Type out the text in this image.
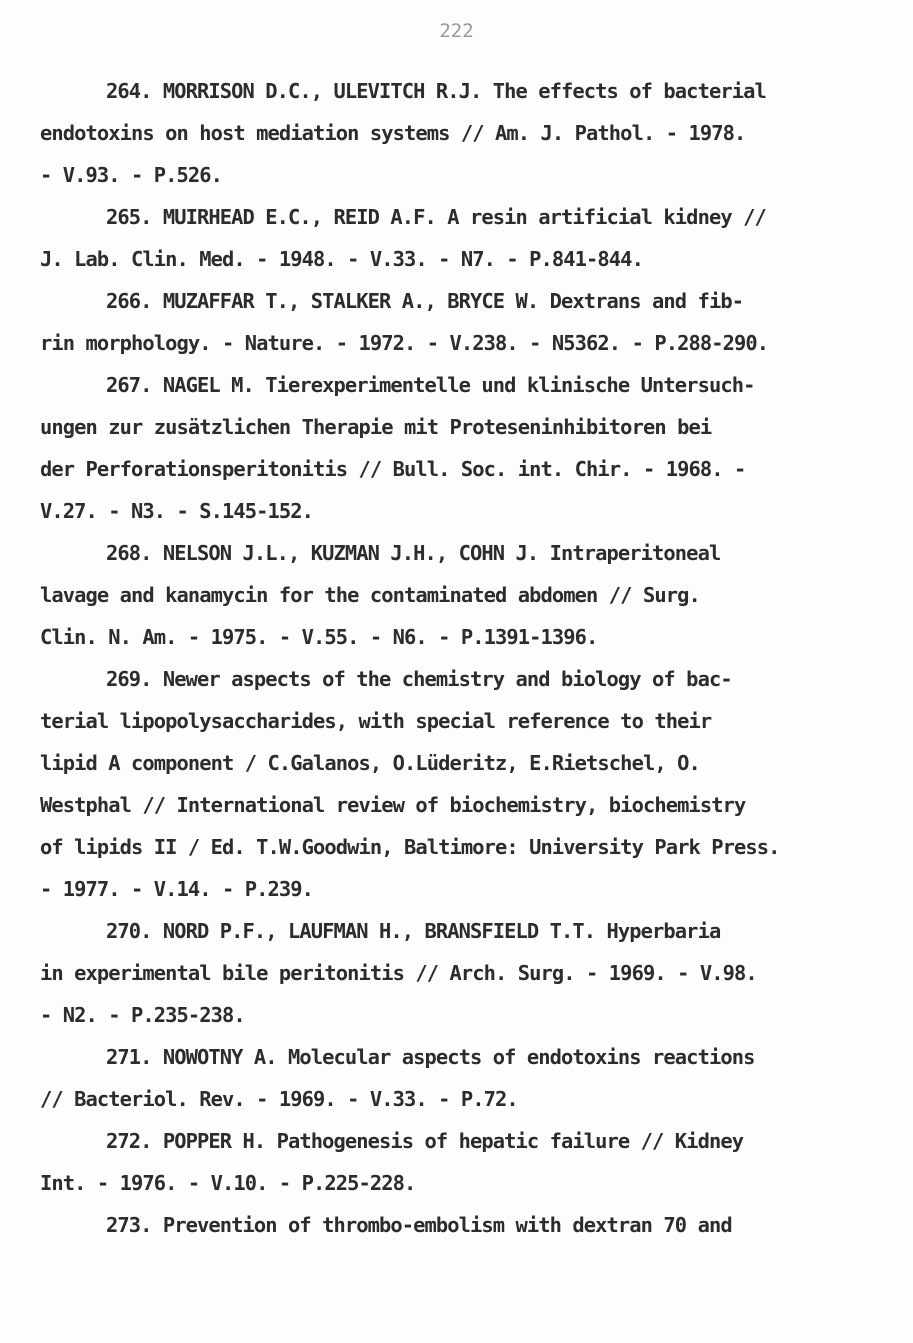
222
264. MORRISON D.C., ULEVITCH R.J. The effects of bacterial
endotoxins on host mediation systems // Am. J. Pathol. - 1978.
- V.93. - P.526.
265. MUIRHEAD E.C., REID A.F. A resin artificial kidney //
J. Lab. Clin. Med. - 1948. - V.33. - N7. - P.841-844.
266. MUZAFFAR T., STALKER A., BRYCE W. Dextrans and fib-
rin morphology. - Nature. - 1972. - V.238. - N5362. - P.288-290.
267. NAGEL M. Tierexperimentelle und klinische Untersuch-
ungen zur zusätzlichen Therapie mit Proteseninhibitoren bei
der Perforationsperitonitis // Bull. Soc. int. Chir. - 1968. -
V.27. - N3. - S.145-152.
268. NELSON J.L., KUZMAN J.H., COHN J. Intraperitoneal
lavage and kanamycin for the contaminated abdomen // Surg.
Clin. N. Am. - 1975. - V.55. - N6. - P.1391-1396.
269. Newer aspects of the chemistry and biology of bac-
terial lipopolysaccharides, with special reference to their
lipid A component / C.Galanos, O.Lüderitz, E.Rietschel, O.
Westphal // International review of biochemistry, biochemistry
of lipids II / Ed. T.W.Goodwin, Baltimore: University Park Press.
- 1977. - V.14. - P.239.
270. NORD P.F., LAUFMAN H., BRANSFIELD T.T. Hyperbaria
in experimental bile peritonitis // Arch. Surg. - 1969. - V.98.
- N2. - P.235-238.
271. NOWOTNY A. Molecular aspects of endotoxins reactions
// Bacteriol. Rev. - 1969. - V.33. - P.72.
272. POPPER H. Pathogenesis of hepatic failure // Kidney
Int. - 1976. - V.10. - P.225-228.
273. Prevention of thrombo-embolism with dextran 70 and
